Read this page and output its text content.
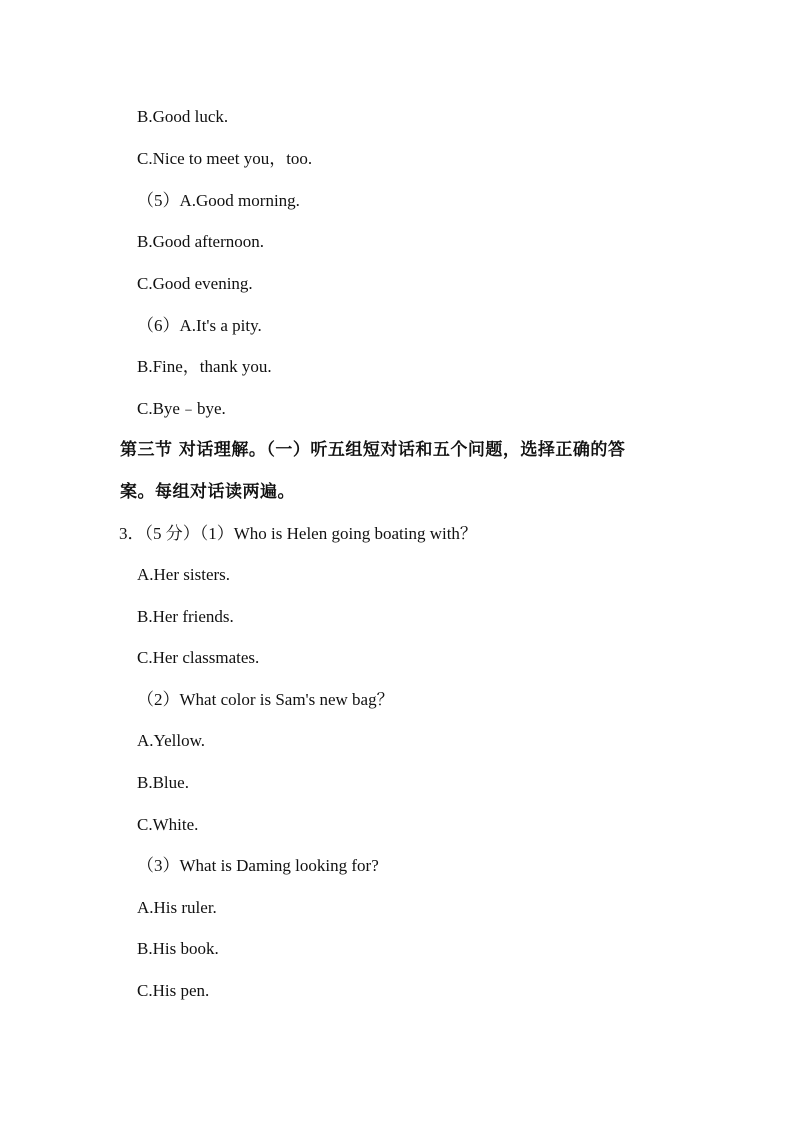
B.Good luck.
C.Nice to meet you，too.
（5）A.Good morning.
B.Good afternoon.
C.Good evening.
（6）A.It's a pity.
B.Fine，thank you.
C.Bye﹣bye.
第三节 对话理解。（一）听五组短对话和五个问题，选择正确的答
案。每组对话读两遍。
3．（5 分）（1）Who is Helen going boating with？
A.Her sisters.
B.Her friends.
C.Her classmates.
（2）What color is Sam's new bag？
A.Yellow.
B.Blue.
C.White.
（3）What is Daming looking for?
A.His ruler.
B.His book.
C.His pen.
